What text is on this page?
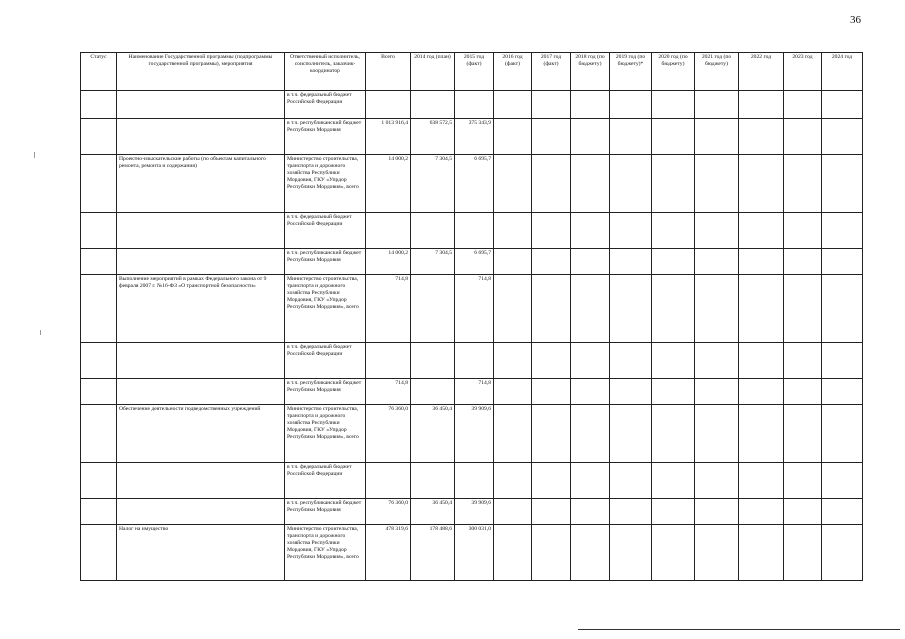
36
Статус	Наименование Государственной программы (подпрограммы государственной программы), мероприятия	Ответственный исполнитель, соисполнитель, заказчик-координатор	Всего	2014 год (план)	2015 год (факт)	2016 год (факт)	2017 год (факт)	2018 год (по бюджету)	2019 год (по бюджету)*	2020 год (по бюджету)	2021 год (по бюджету)	2022 год	2023 год	2024 год
		в т.ч. федеральный бюджет Российской Федерации												
		в т.ч. республиканский бюджет Республики Мордовия	1 013 916,4	638 572,5	375 343,9									
	Проектно-изыскательские работы (по объектам капитального ремонта, ремонта и содержания)	Министерство строительства, транспорта и дорожного хозяйства Республики Мордовия, ГКУ «Упрдор Республики Мордовия», всего	14 000,2	7 304,5	6 695,7									
		в т.ч. федеральный бюджет Российской Федерации												
		в т.ч. республиканский бюджет Республики Мордовия	14 000,2	7 304,5	6 695,7									
	Выполнение мероприятий в рамках Федерального закона от 9 февраля 2007 г. №16-ФЗ «О транспортной безопасности»	Министерство строительства, транспорта и дорожного хозяйства Республики Мордовия, ГКУ «Упрдор Республики Мордовия», всего	714,8		714,8									
		в т.ч. федеральный бюджет Российской Федерации												
		в т.ч. республиканский бюджет Республики Мордовия	714,8		714,8									
	Обеспечение деятельности подведомственных учреждений	Министерство строительства, транспорта и дорожного хозяйства Республики Мордовия, ГКУ «Упрдор Республики Мордовия», всего	76 360,0	36 450,4	39 909,6									
		в т.ч. федеральный бюджет Российской Федерации												
		в т.ч. республиканский бюджет Республики Мордовия	76 360,0	36 450,4	39 909,6									
	Налог на имущество	Министерство строительства, транспорта и дорожного хозяйства Республики Мордовия, ГКУ «Упрдор Республики Мордовия», всего	478 319,6	178 488,6	300 031,0									
